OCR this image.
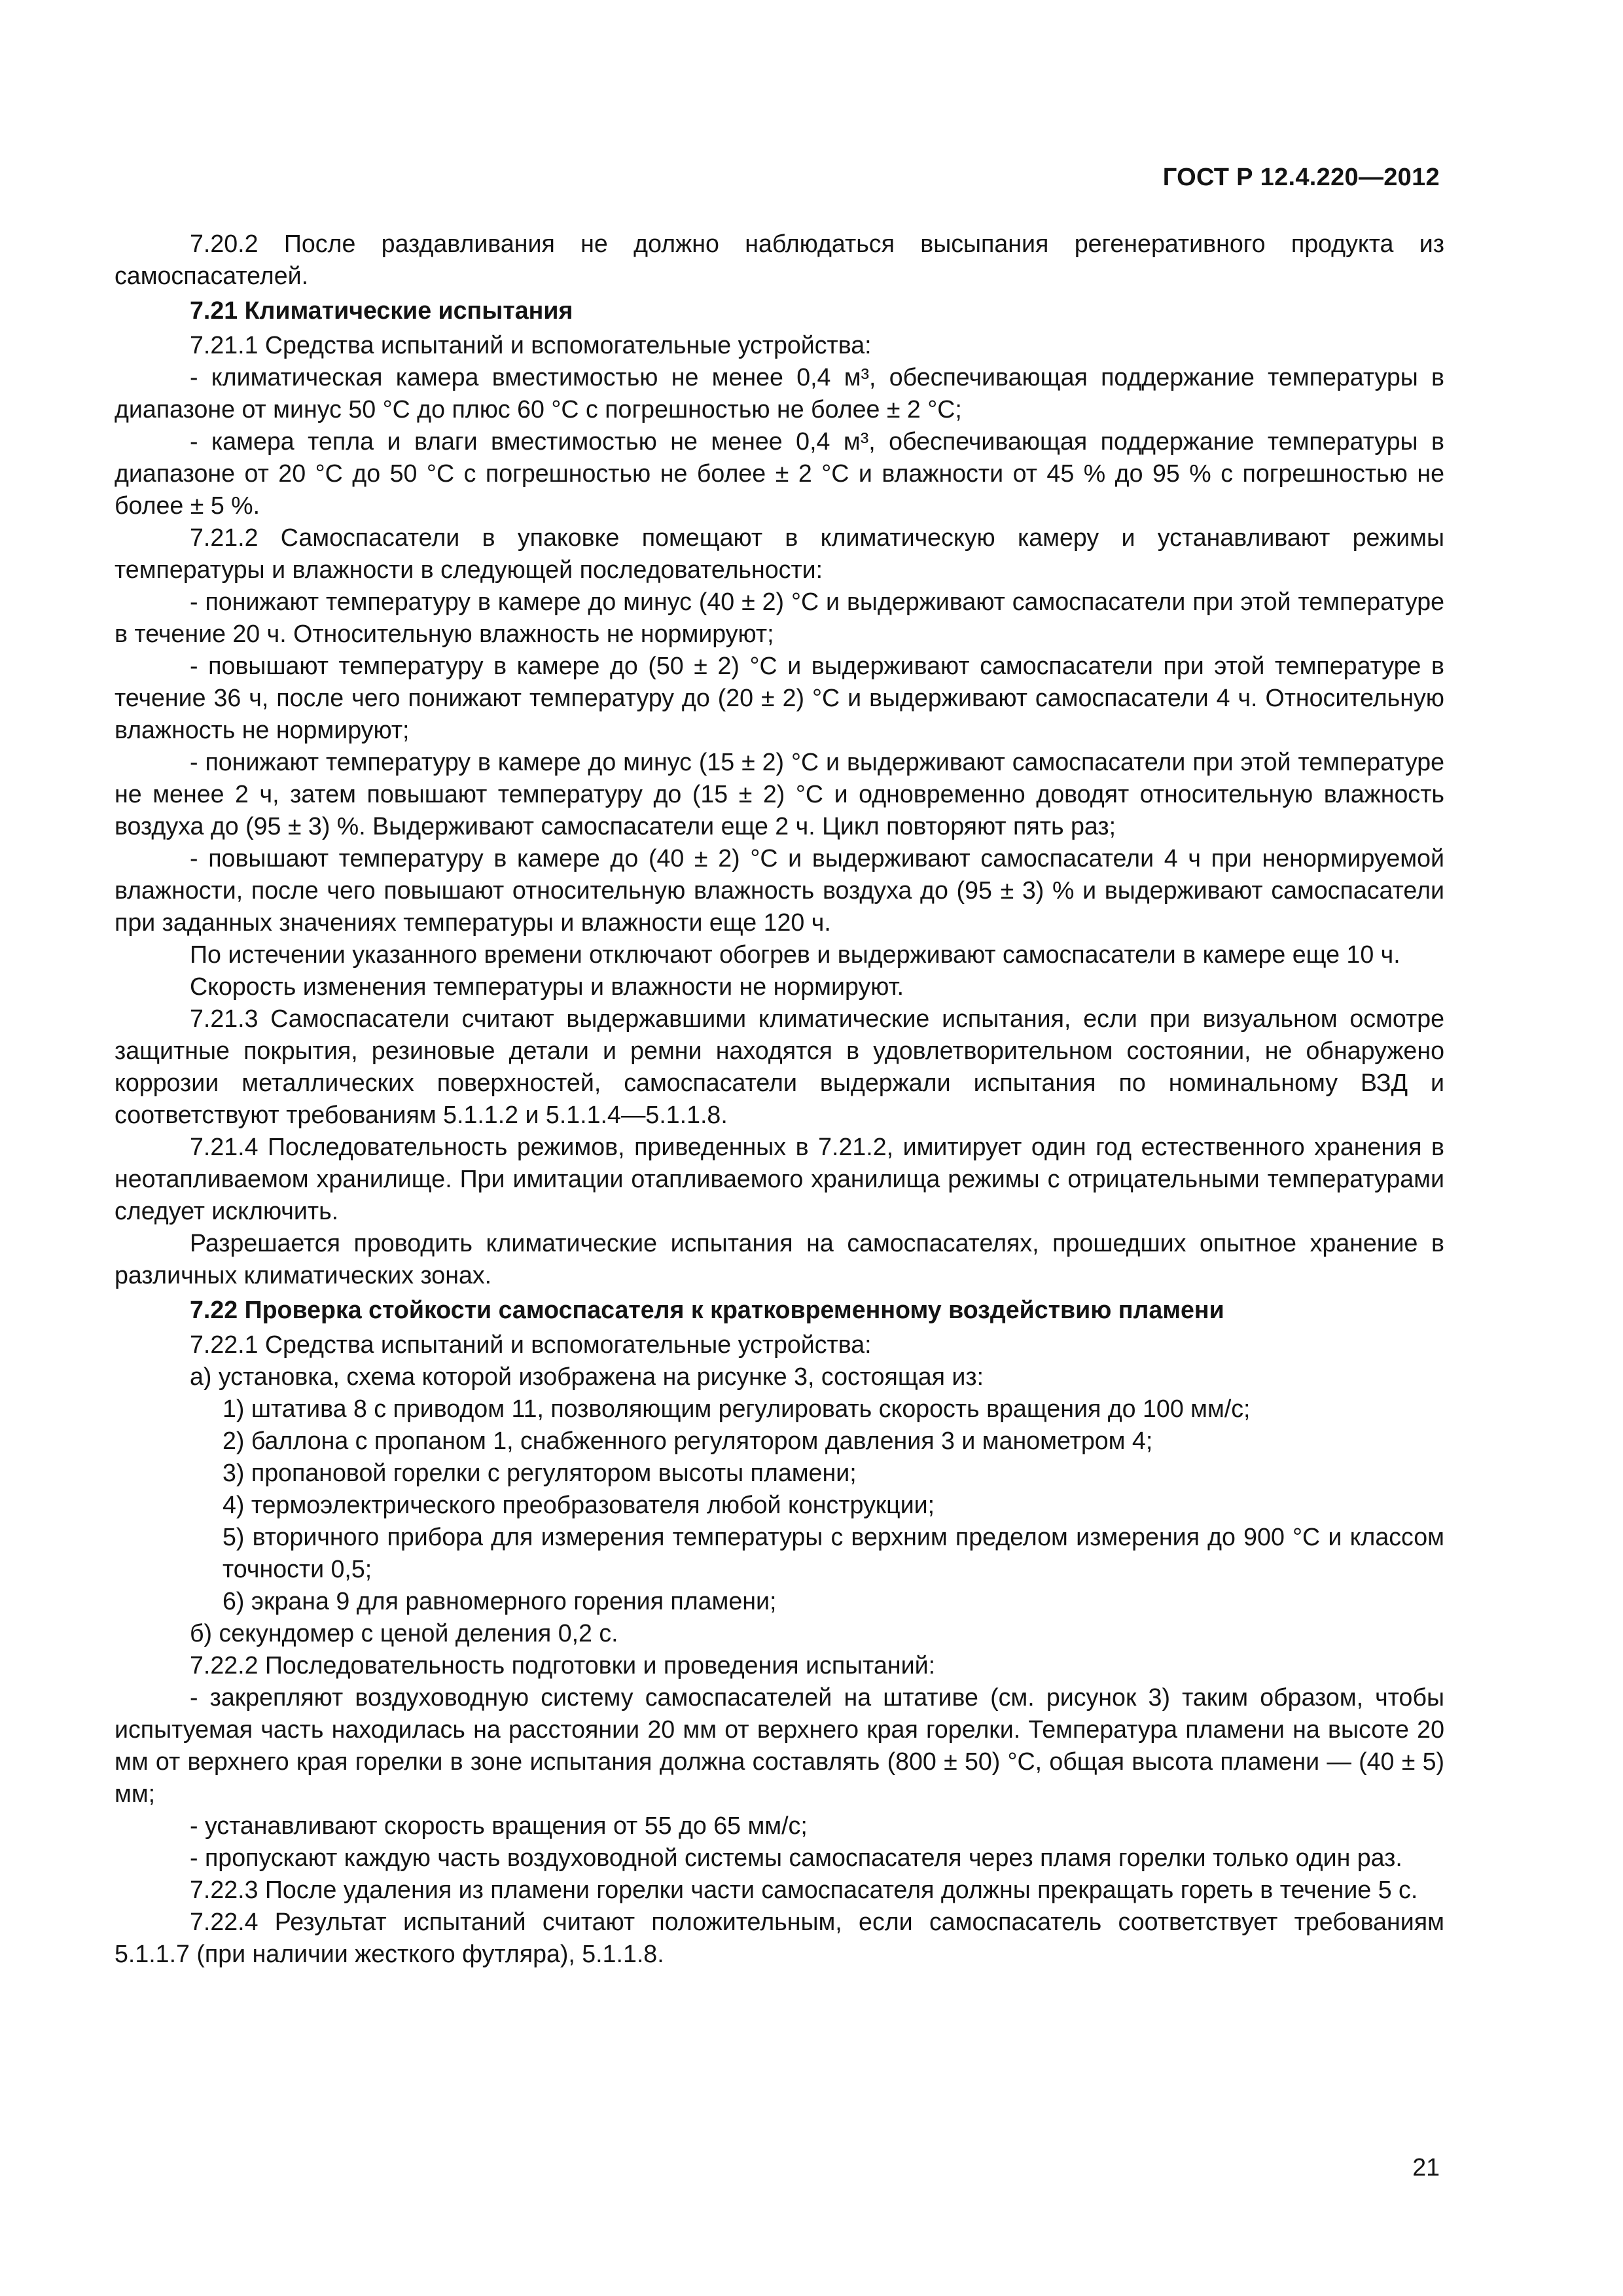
ГОСТ Р 12.4.220—2012

7.20.2 После раздавливания не должно наблюдаться высыпания регенеративного продукта из самоспасателей.

7.21 Климатические испытания

7.21.1 Средства испытаний и вспомогательные устройства:

- климатическая камера вместимостью не менее 0,4 м³, обеспечивающая поддержание температуры в диапазоне от минус 50 °С до плюс 60 °С с погрешностью не более ± 2 °С;

- камера тепла и влаги вместимостью не менее 0,4 м³, обеспечивающая поддержание температуры в диапазоне от 20 °С до 50 °С с погрешностью не более ± 2 °С и влажности от 45 % до 95 % с погрешностью не более ± 5 %.

7.21.2 Самоспасатели в упаковке помещают в климатическую камеру и устанавливают режимы температуры и влажности в следующей последовательности:

- понижают температуру в камере до минус (40 ± 2) °С и выдерживают самоспасатели при этой температуре в течение 20 ч. Относительную влажность не нормируют;

- повышают температуру в камере до (50 ± 2) °С и выдерживают самоспасатели при этой температуре в течение 36 ч, после чего понижают температуру до (20 ± 2) °С и выдерживают самоспасатели 4 ч. Относительную влажность не нормируют;

- понижают температуру в камере до минус (15 ± 2) °С и выдерживают самоспасатели при этой температуре не менее 2 ч, затем повышают температуру до (15 ± 2) °С и одновременно доводят относительную влажность воздуха до (95 ± 3) %. Выдерживают самоспасатели еще 2 ч. Цикл повторяют пять раз;

- повышают температуру в камере до (40 ± 2) °С и выдерживают самоспасатели 4 ч при ненормируемой влажности, после чего повышают относительную влажность воздуха до (95 ± 3) % и выдерживают самоспасатели при заданных значениях температуры и влажности еще 120 ч.

По истечении указанного времени отключают обогрев и выдерживают самоспасатели в камере еще 10 ч.

Скорость изменения температуры и влажности не нормируют.

7.21.3 Самоспасатели считают выдержавшими климатические испытания, если при визуальном осмотре защитные покрытия, резиновые детали и ремни находятся в удовлетворительном состоянии, не обнаружено коррозии металлических поверхностей, самоспасатели выдержали испытания по номинальному ВЗД и соответствуют требованиям 5.1.1.2 и 5.1.1.4—5.1.1.8.

7.21.4 Последовательность режимов, приведенных в 7.21.2, имитирует один год естественного хранения в неотапливаемом хранилище. При имитации отапливаемого хранилища режимы с отрицательными температурами следует исключить.

Разрешается проводить климатические испытания на самоспасателях, прошедших опытное хранение в различных климатических зонах.

7.22 Проверка стойкости самоспасателя к кратковременному воздействию пламени

7.22.1 Средства испытаний и вспомогательные устройства:

а) установка, схема которой изображена на рисунке 3, состоящая из:

1) штатива 8 с приводом 11, позволяющим регулировать скорость вращения до 100 мм/с;

2) баллона с пропаном 1, снабженного регулятором давления 3 и манометром 4;

3) пропановой горелки с регулятором высоты пламени;

4) термоэлектрического преобразователя любой конструкции;

5) вторичного прибора для измерения температуры с верхним пределом измерения до 900 °С и классом точности 0,5;

6) экрана 9 для равномерного горения пламени;

б) секундомер с ценой деления 0,2 с.

7.22.2 Последовательность подготовки и проведения испытаний:

- закрепляют воздуховодную систему самоспасателей на штативе (см. рисунок 3) таким образом, чтобы испытуемая часть находилась на расстоянии 20 мм от верхнего края горелки. Температура пламени на высоте 20 мм от верхнего края горелки в зоне испытания должна составлять (800 ± 50) °С, общая высота пламени — (40 ± 5) мм;

- устанавливают скорость вращения от 55 до 65 мм/с;

- пропускают каждую часть воздуховодной системы самоспасателя через пламя горелки только один раз.

7.22.3 После удаления из пламени горелки части самоспасателя должны прекращать гореть в течение 5 с.

7.22.4 Результат испытаний считают положительным, если самоспасатель соответствует требованиям 5.1.1.7 (при наличии жесткого футляра), 5.1.1.8.

21
